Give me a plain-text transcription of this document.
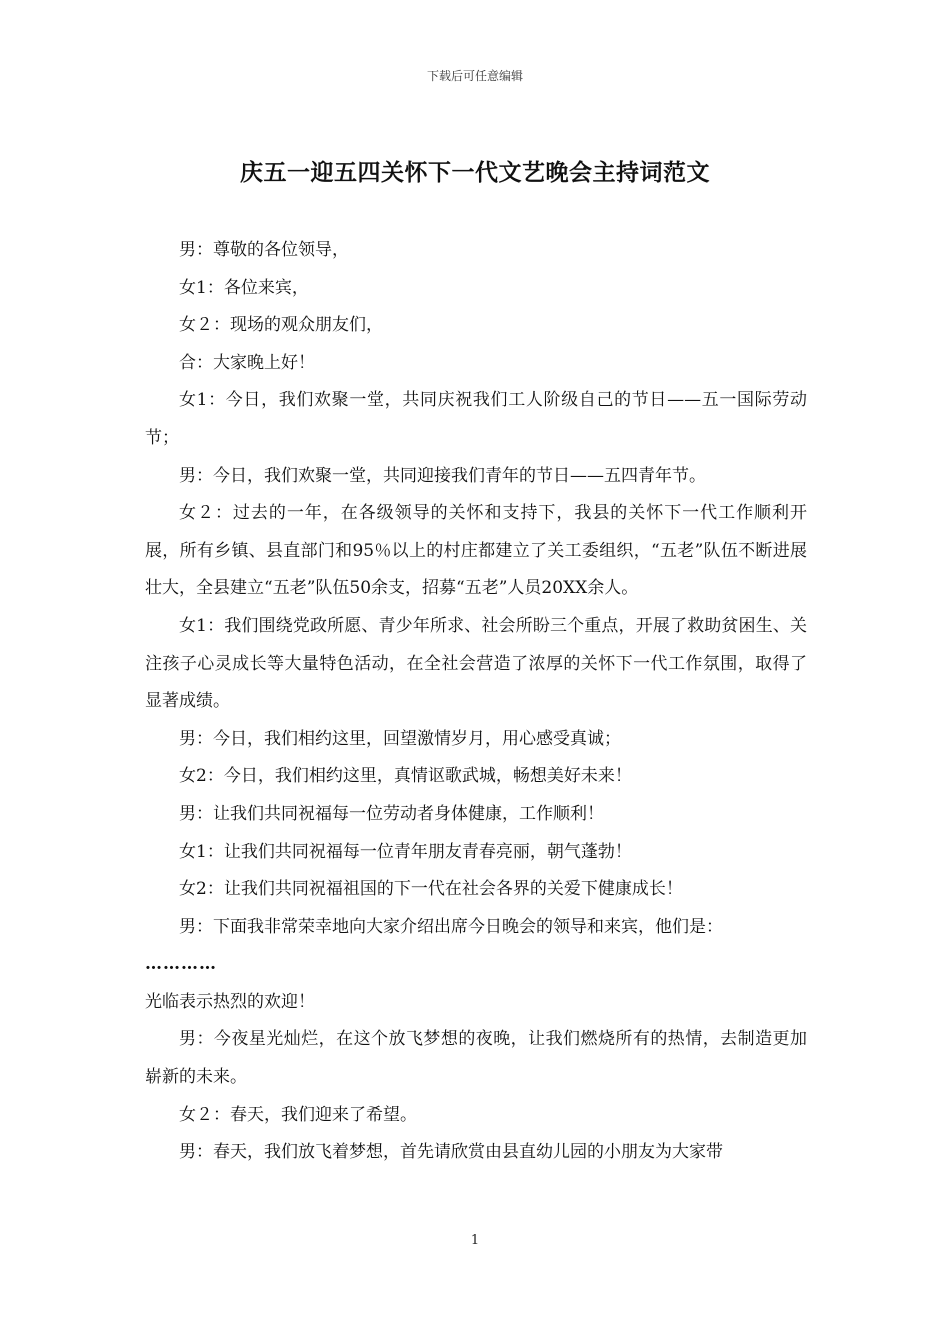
下载后可任意编辑
庆五一迎五四关怀下一代文艺晚会主持词范文

男：尊敬的各位领导，

女1：各位来宾，

女２：现场的观众朋友们，

合：大家晚上好！

女1：今日，我们欢聚一堂，共同庆祝我们工人阶级自己的节日——五一国际劳动节；

男：今日，我们欢聚一堂，共同迎接我们青年的节日——五四青年节。

女２：过去的一年，在各级领导的关怀和支持下，我县的关怀下一代工作顺利开展，所有乡镇、县直部门和95％以上的村庄都建立了关工委组织，“五老”队伍不断进展壮大，全县建立“五老”队伍50余支，招募“五老”人员20XX余人。

女1：我们围绕党政所愿、青少年所求、社会所盼三个重点，开展了救助贫困生、关注孩子心灵成长等大量特色活动，在全社会营造了浓厚的关怀下一代工作氛围，取得了显著成绩。

男：今日，我们相约这里，回望激情岁月，用心感受真诚；

女2：今日，我们相约这里，真情讴歌武城，畅想美好未来！

男：让我们共同祝福每一位劳动者身体健康，工作顺利！

女1：让我们共同祝福每一位青年朋友青春亮丽，朝气蓬勃！

女2：让我们共同祝福祖国的下一代在社会各界的关爱下健康成长！

男：下面我非常荣幸地向大家介绍出席今日晚会的领导和来宾，他们是：

…………

光临表示热烈的欢迎！

男：今夜星光灿烂，在这个放飞梦想的夜晚，让我们燃烧所有的热情，去制造更加崭新的未来。

女２：春天，我们迎来了希望。

男：春天，我们放飞着梦想，首先请欣赏由县直幼儿园的小朋友为大家带

1
